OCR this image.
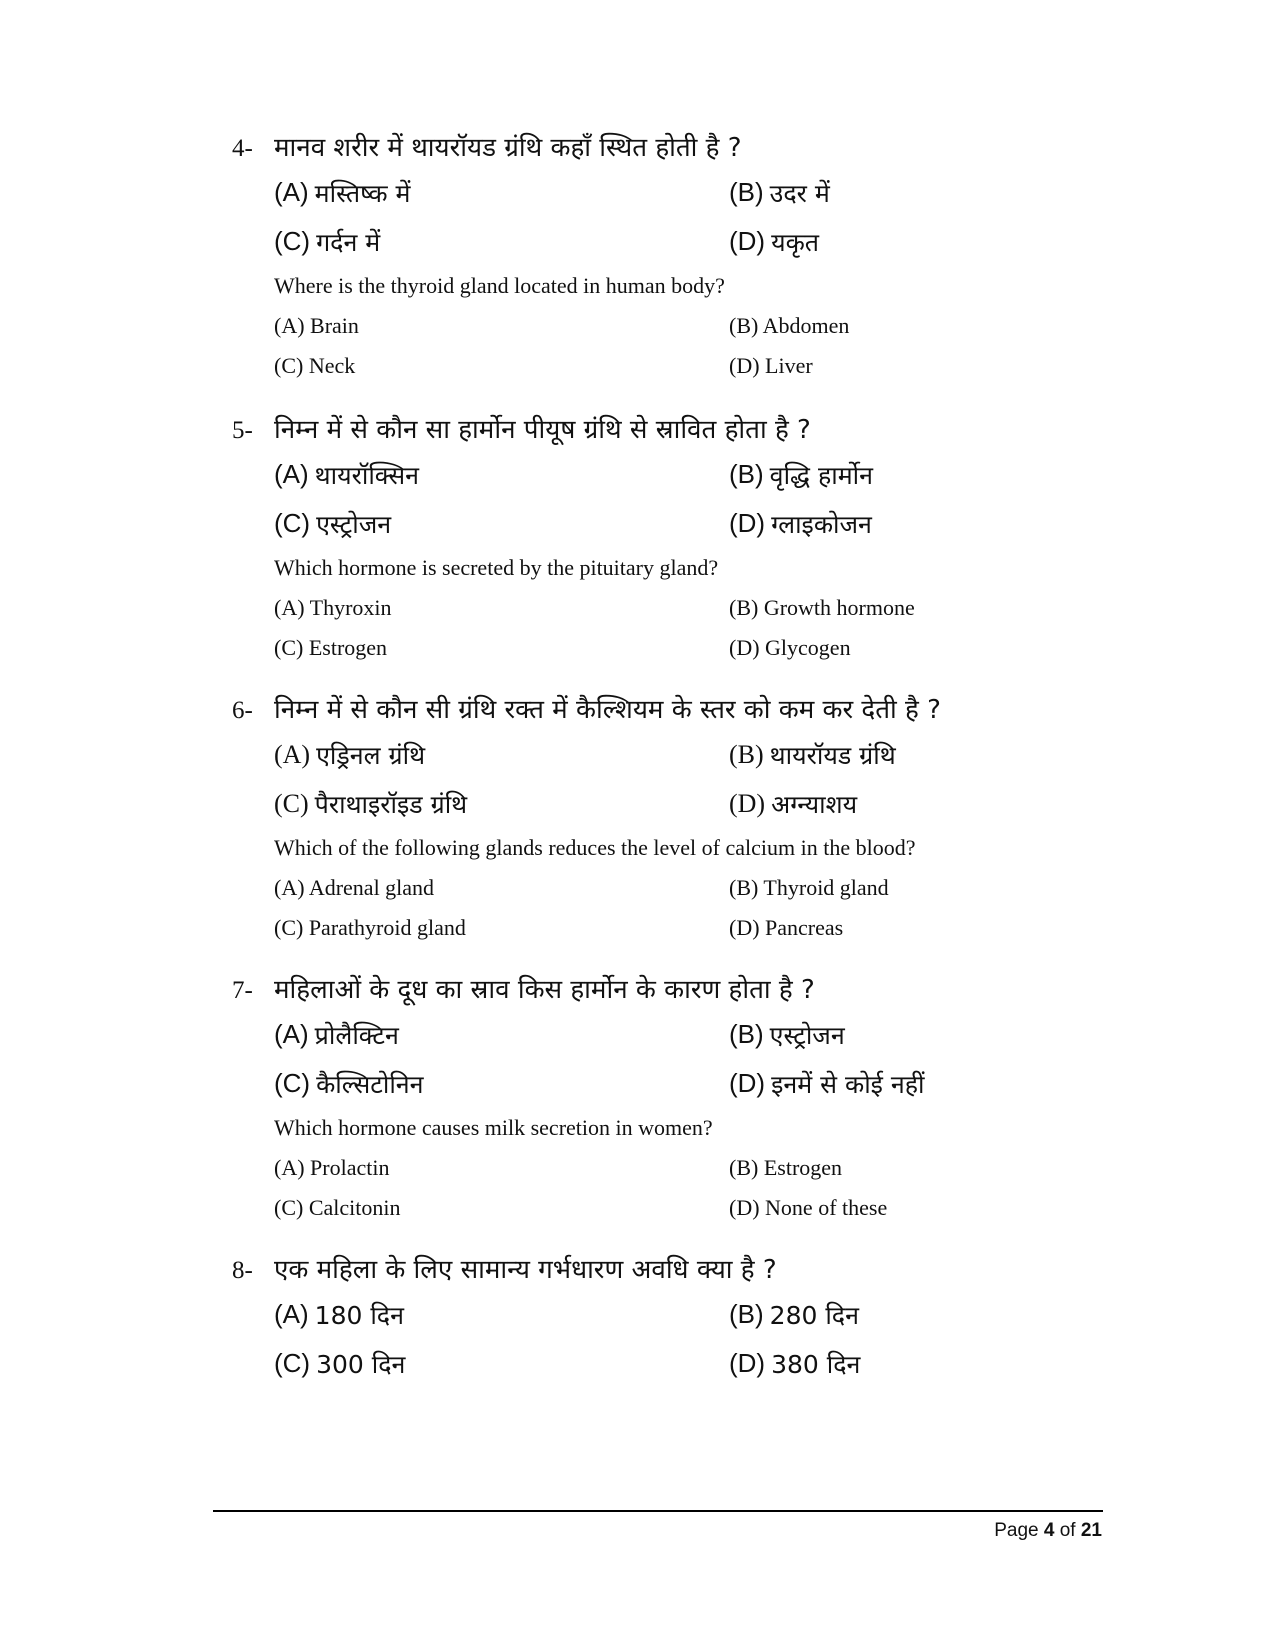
4- मानव शरीर में थायरॉयड ग्रंथि कहाँ स्थित होती है ?
(A) मस्तिष्क में	(B) उदर में
(C) गर्दन में	(D) यकृत
Where is the thyroid gland located in human body?
(A) Brain	(B) Abdomen
(C) Neck	(D) Liver
5- निम्न में से कौन सा हार्मोन पीयूष ग्रंथि से स्रावित होता है ?
(A) थायरॉक्सिन	(B) वृद्धि हार्मोन
(C) एस्ट्रोजन	(D) ग्लाइकोजन
Which hormone is secreted by the pituitary gland?
(A) Thyroxin	(B) Growth hormone
(C) Estrogen	(D) Glycogen
6- निम्न में से कौन सी ग्रंथि रक्त में कैल्शियम के स्तर को कम कर देती है ?
(A) एड्रिनल ग्रंथि	(B) थायरॉयड ग्रंथि
(C) पैराथाइरॉइड ग्रंथि	(D) अग्न्याशय
Which of the following glands reduces the level of calcium in the blood?
(A) Adrenal gland	(B) Thyroid gland
(C) Parathyroid gland	(D) Pancreas
7- महिलाओं के दूध का स्राव किस हार्मोन के कारण होता है ?
(A) प्रोलैक्टिन	(B) एस्ट्रोजन
(C) कैल्सिटोनिन	(D) इनमें से कोई नहीं
Which hormone causes milk secretion in women?
(A) Prolactin	(B) Estrogen
(C) Calcitonin	(D) None of these
8- एक महिला के लिए सामान्य गर्भधारण अवधि क्या है ?
(A) 180 दिन	(B) 280 दिन
(C) 300 दिन	(D) 380 दिन
Page 4 of 21
